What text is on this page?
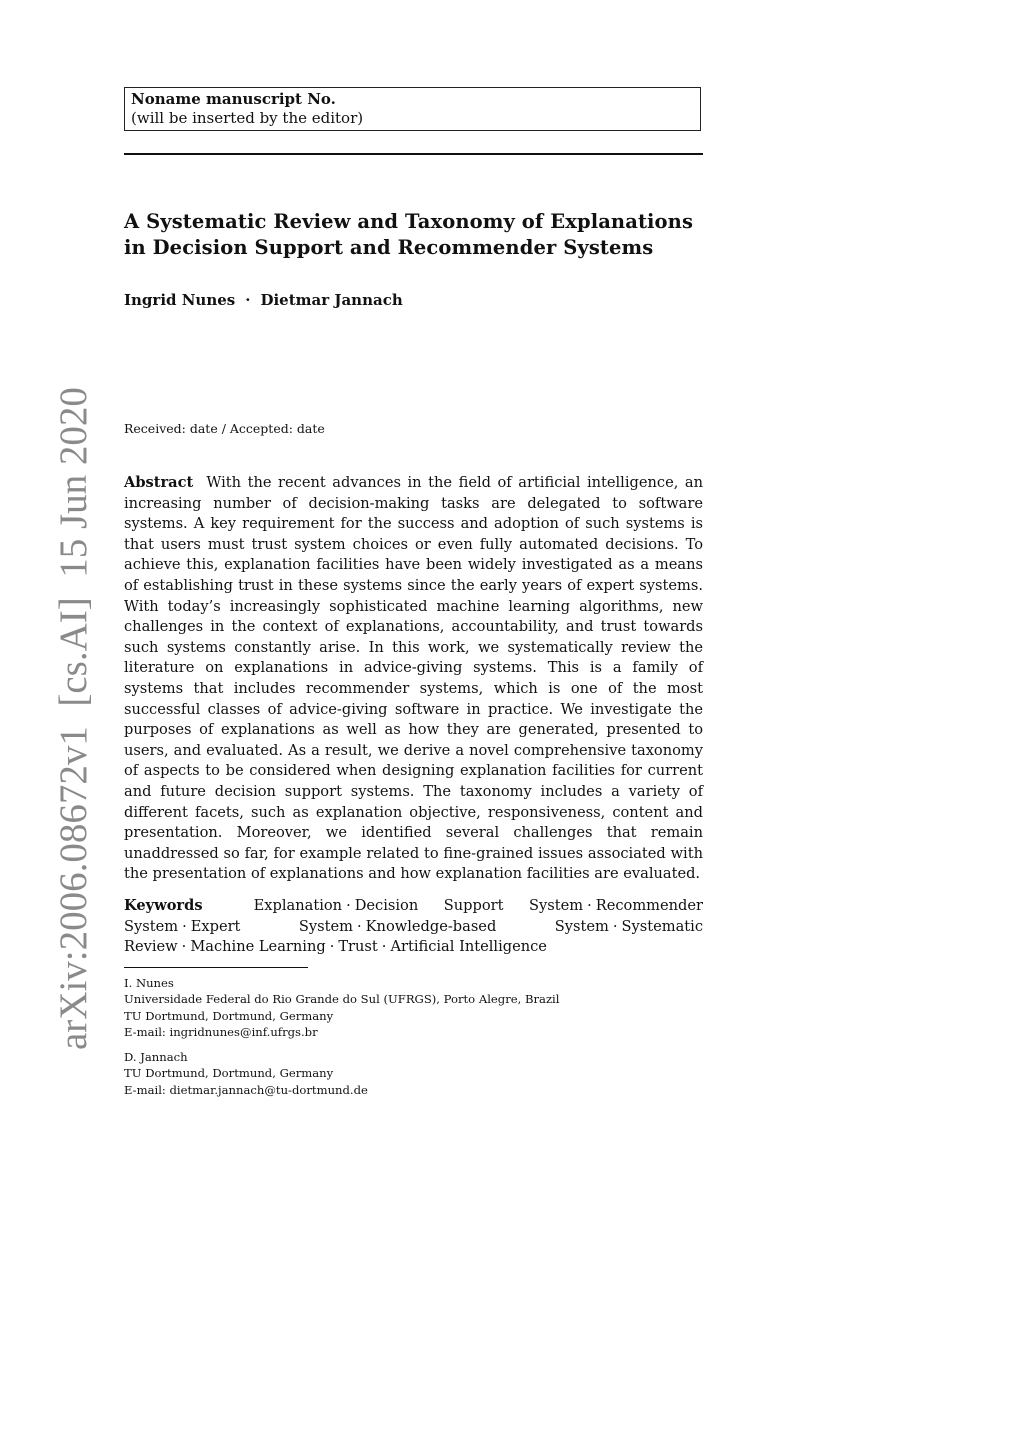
Noname manuscript No.
(will be inserted by the editor)
A Systematic Review and Taxonomy of Explanations
in Decision Support and Recommender Systems
Ingrid Nunes · Dietmar Jannach
Received: date / Accepted: date
Abstract With the recent advances in the field of artificial intelligence, an increasing number of decision-making tasks are delegated to software systems. A key requirement for the success and adoption of such systems is that users must trust system choices or even fully automated decisions. To achieve this, explanation facilities have been widely investigated as a means of establishing trust in these systems since the early years of expert systems. With today’s increasingly sophisticated machine learning algorithms, new challenges in the context of explanations, accountability, and trust towards such systems constantly arise. In this work, we systematically review the literature on explanations in advice-giving systems. This is a family of systems that includes recommender systems, which is one of the most successful classes of advice-giving software in practice. We investigate the purposes of explanations as well as how they are generated, presented to users, and evaluated. As a result, we derive a novel comprehensive taxonomy of aspects to be considered when designing explanation facilities for current and future decision support systems. The taxonomy includes a variety of different facets, such as explanation objective, responsiveness, content and presentation. Moreover, we identified several challenges that remain unaddressed so far, for example related to fine-grained issues associated with the presentation of explanations and how explanation facilities are evaluated.
Keywords	Explanation · Decision Support System · Recommender System · Expert System · Knowledge-based System · Systematic Review · Machine Learning · Trust · Artificial Intelligence
I. Nunes
Universidade Federal do Rio Grande do Sul (UFRGS), Porto Alegre, Brazil
TU Dortmund, Dortmund, Germany
E-mail: ingridnunes@inf.ufrgs.br
D. Jannach
TU Dortmund, Dortmund, Germany
E-mail: dietmar.jannach@tu-dortmund.de
arXiv:2006.08672v1  [cs.AI]  15 Jun 2020
